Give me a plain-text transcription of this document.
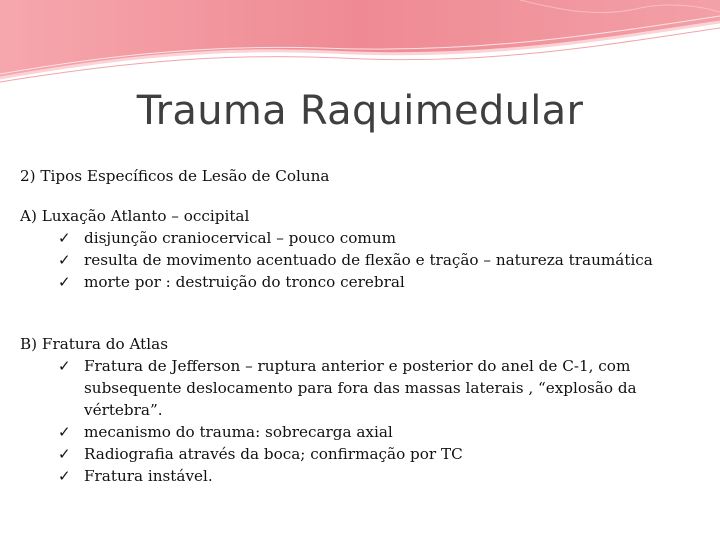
Trauma Raquimedular

2) Tipos Específicos de Lesão de Coluna

A) Luxação Atlanto – occipital

✓ disjunção craniocervical – pouco comum
✓ resulta de movimento acentuado de flexão e tração – natureza traumática
✓ morte por : destruição do tronco cerebral

B) Fratura do Atlas

✓ Fratura de Jefferson – ruptura anterior e posterior do anel de C-1, com subsequente deslocamento para fora das massas laterais , “explosão da vértebra”.
✓ mecanismo do trauma: sobrecarga axial
✓ Radiografia através da boca; confirmação por TC
✓ Fratura instável.
